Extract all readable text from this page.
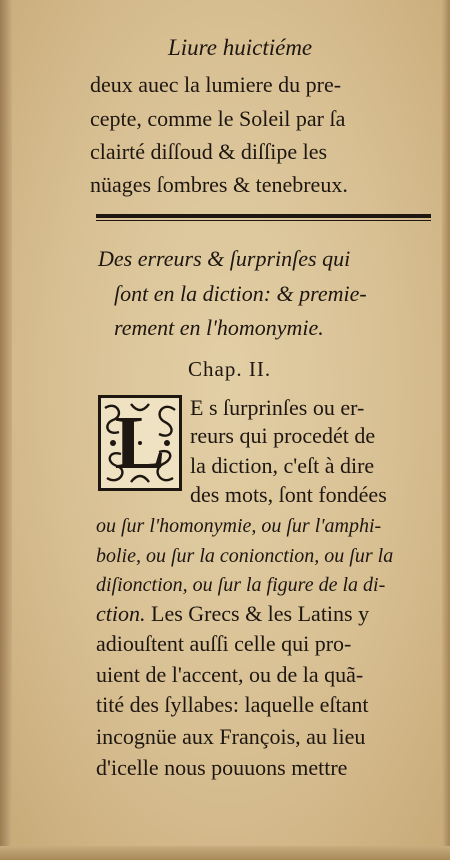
Liure huictiéme
deux auec la lumiere du pre-
cepte, comme le Soleil par ſa
clairté diſſoud & diſſipe les
nüages ſombres & tenebreux.
Des erreurs & ſurprinſes qui
ſont en la diction: & premie-
rement en l'homonymie.
Chap. II.
L	E s ſurprinſes ou er-
reurs qui procedét de
la diction, c'eſt à dire
des mots, ſont fondées
ou ſur l'homonymie, ou ſur l'amphi-
bolie, ou ſur la conionction, ou ſur la
diſionction, ou ſur la figure de la di-
ction. Les Grecs & les Latins y
adiouſtent auſſi celle qui pro-
uient de l'accent, ou de la quã-
tité des ſyllabes: laquelle eſtant
incognüe aux François, au lieu
d'icelle nous pouuons mettre
